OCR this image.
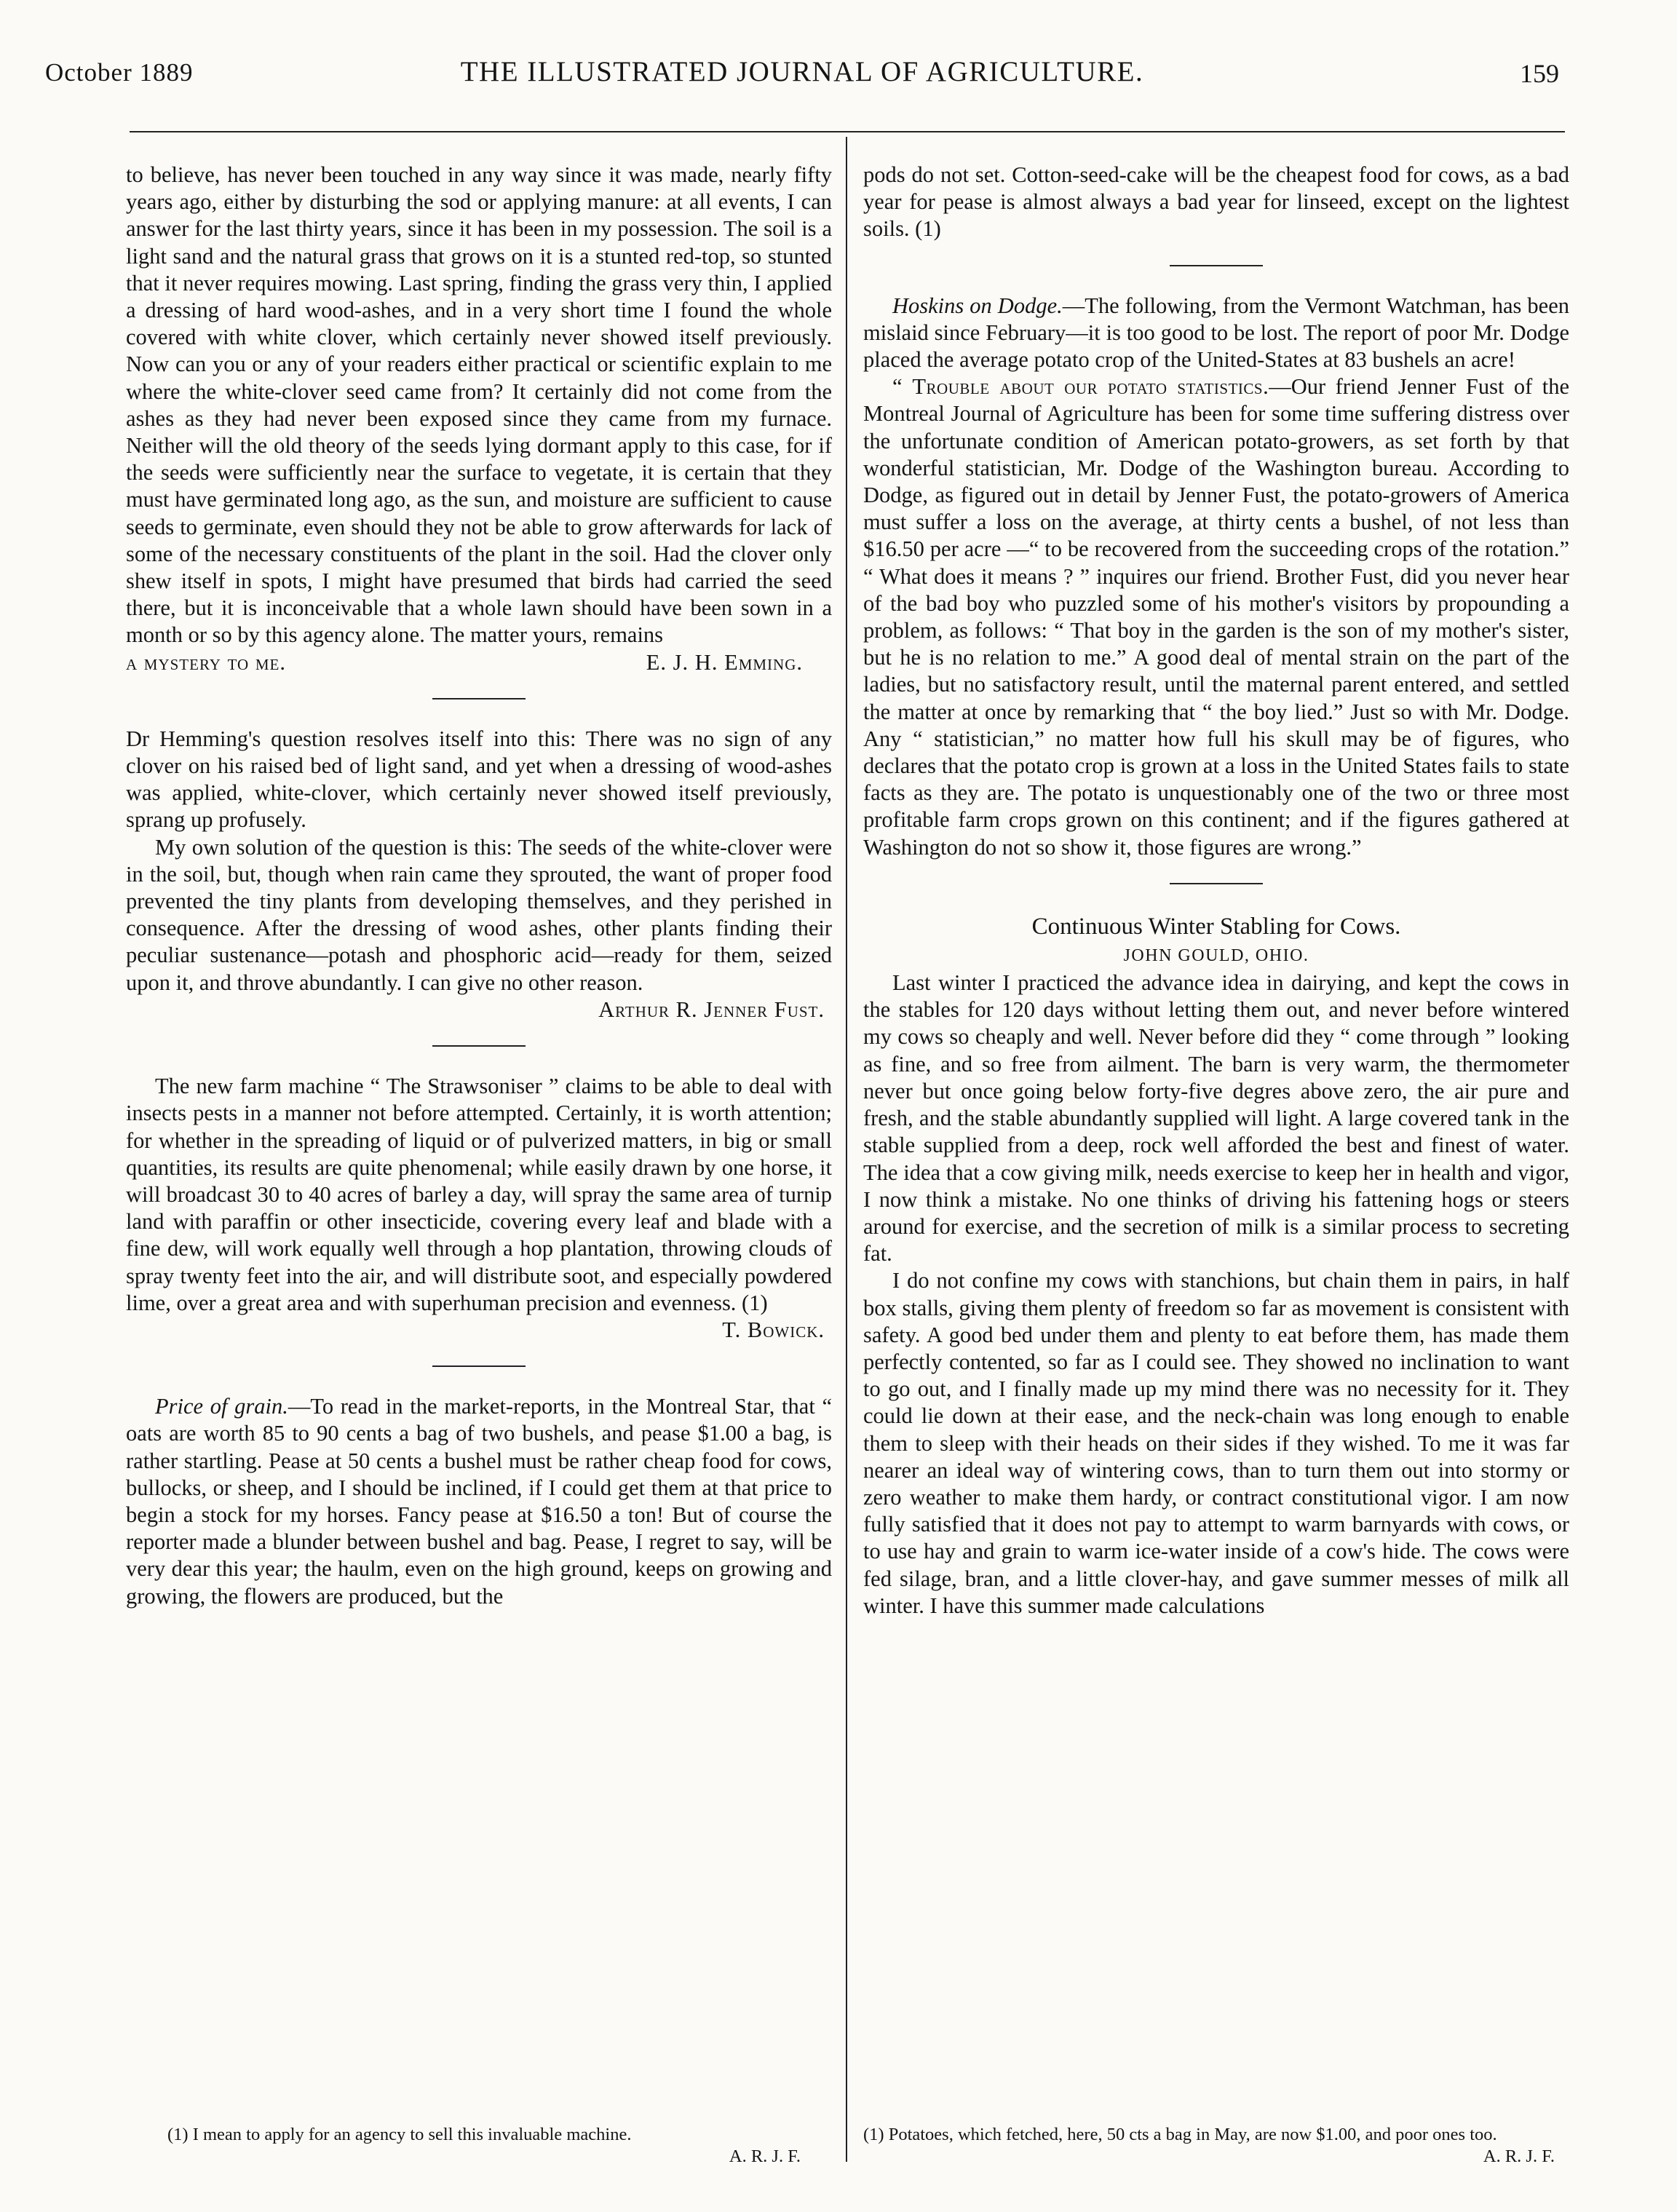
October 1889	THE ILLUSTRATED JOURNAL OF AGRICULTURE.	159

to believe, has never been touched in any way since it was made, nearly fifty years ago, either by disturbing the sod or applying manure: at all events, I can answer for the last thirty years, since it has been in my possession. The soil is a light sand and the natural grass that grows on it is a stunted red-top, so stunted that it never requires mowing. Last spring, finding the grass very thin, I applied a dressing of hard wood-ashes, and in a very short time I found the whole covered with white clover, which certainly never showed itself previously. Now can you or any of your readers either practical or scientific explain to me where the white-clover seed came from? It certainly did not come from the ashes as they had never been exposed since they came from my furnace. Neither will the old theory of the seeds lying dormant apply to this case, for if the seeds were sufficiently near the surface to vegetate, it is certain that they must have germinated long ago, as the sun, and moisture are sufficient to cause seeds to germinate, even should they not be able to grow afterwards for lack of some of the necessary constituents of the plant in the soil. Had the clover only shew itself in spots, I might have presumed that birds had carried the seed there, but it is inconceivable that a whole lawn should have been sown in a month or so by this agency alone. The matter yours, remains

E. J. H. Emming.
a mystery to me.

Dr Hemming's question resolves itself into this: There was no sign of any clover on his raised bed of light sand, and yet when a dressing of wood-ashes was applied, white-clover, which certainly never showed itself previously, sprang up profusely.

My own solution of the question is this: The seeds of the white-clover were in the soil, but, though when rain came they sprouted, the want of proper food prevented the tiny plants from developing themselves, and they perished in consequence. After the dressing of wood ashes, other plants finding their peculiar sustenance—potash and phosphoric acid—ready for them, seized upon it, and throve abundantly. I can give no other reason.

Arthur R. Jenner Fust.

The new farm machine “ The Strawsoniser ” claims to be able to deal with insects pests in a manner not before attempted. Certainly, it is worth attention; for whether in the spreading of liquid or of pulverized matters, in big or small quantities, its results are quite phenomenal; while easily drawn by one horse, it will broadcast 30 to 40 acres of barley a day, will spray the same area of turnip land with paraffin or other insecticide, covering every leaf and blade with a fine dew, will work equally well through a hop plantation, throwing clouds of spray twenty feet into the air, and will distribute soot, and especially powdered lime, over a great area and with superhuman precision and evenness. (1)

T. Bowick.

Price of grain.—To read in the market-reports, in the Montreal Star, that “ oats are worth 85 to 90 cents a bag of two bushels, and pease $1.00 a bag, is rather startling. Pease at 50 cents a bushel must be rather cheap food for cows, bullocks, or sheep, and I should be inclined, if I could get them at that price to begin a stock for my horses. Fancy pease at $16.50 a ton! But of course the reporter made a blunder between bushel and bag. Pease, I regret to say, will be very dear this year; the haulm, even on the high ground, keeps on growing and growing, the flowers are produced, but the

pods do not set. Cotton-seed-cake will be the cheapest food for cows, as a bad year for pease is almost always a bad year for linseed, except on the lightest soils. (1)

Hoskins on Dodge.—The following, from the Vermont Watchman, has been mislaid since February—it is too good to be lost. The report of poor Mr. Dodge placed the average potato crop of the United-States at 83 bushels an acre!

“ Trouble about our potato statistics.—Our friend Jenner Fust of the Montreal Journal of Agriculture has been for some time suffering distress over the unfortunate condition of American potato-growers, as set forth by that wonderful statistician, Mr. Dodge of the Washington bureau. According to Dodge, as figured out in detail by Jenner Fust, the potato-growers of America must suffer a loss on the average, at thirty cents a bushel, of not less than $16.50 per acre —“ to be recovered from the succeeding crops of the rotation.” “ What does it means ? ” inquires our friend. Brother Fust, did you never hear of the bad boy who puzzled some of his mother's visitors by propounding a problem, as follows: “ That boy in the garden is the son of my mother's sister, but he is no relation to me.” A good deal of mental strain on the part of the ladies, but no satisfactory result, until the maternal parent entered, and settled the matter at once by remarking that “ the boy lied.” Just so with Mr. Dodge. Any “ statistician,” no matter how full his skull may be of figures, who declares that the potato crop is grown at a loss in the United States fails to state facts as they are. The potato is unquestionably one of the two or three most profitable farm crops grown on this continent; and if the figures gathered at Washington do not so show it, those figures are wrong.”

Continuous Winter Stabling for Cows.

JOHN GOULD, OHIO.

Last winter I practiced the advance idea in dairying, and kept the cows in the stables for 120 days without letting them out, and never before wintered my cows so cheaply and well. Never before did they “ come through ” looking as fine, and so free from ailment. The barn is very warm, the thermometer never but once going below forty-five degres above zero, the air pure and fresh, and the stable abundantly supplied will light. A large covered tank in the stable supplied from a deep, rock well afforded the best and finest of water. The idea that a cow giving milk, needs exercise to keep her in health and vigor, I now think a mistake. No one thinks of driving his fattening hogs or steers around for exercise, and the secretion of milk is a similar process to secreting fat.

I do not confine my cows with stanchions, but chain them in pairs, in half box stalls, giving them plenty of freedom so far as movement is consistent with safety. A good bed under them and plenty to eat before them, has made them perfectly contented, so far as I could see. They showed no inclination to want to go out, and I finally made up my mind there was no necessity for it. They could lie down at their ease, and the neck-chain was long enough to enable them to sleep with their heads on their sides if they wished. To me it was far nearer an ideal way of wintering cows, than to turn them out into stormy or zero weather to make them hardy, or contract constitutional vigor. I am now fully satisfied that it does not pay to attempt to warm barnyards with cows, or to use hay and grain to warm ice-water inside of a cow's hide. The cows were fed silage, bran, and a little clover-hay, and gave summer messes of milk all winter. I have this summer made calculations

(1) I mean to apply for an agency to sell this invaluable machine.
A. R. J. F.
(1) Potatoes, which fetched, here, 50 cts a bag in May, are now $1.00, and poor ones too.
A. R. J. F.
